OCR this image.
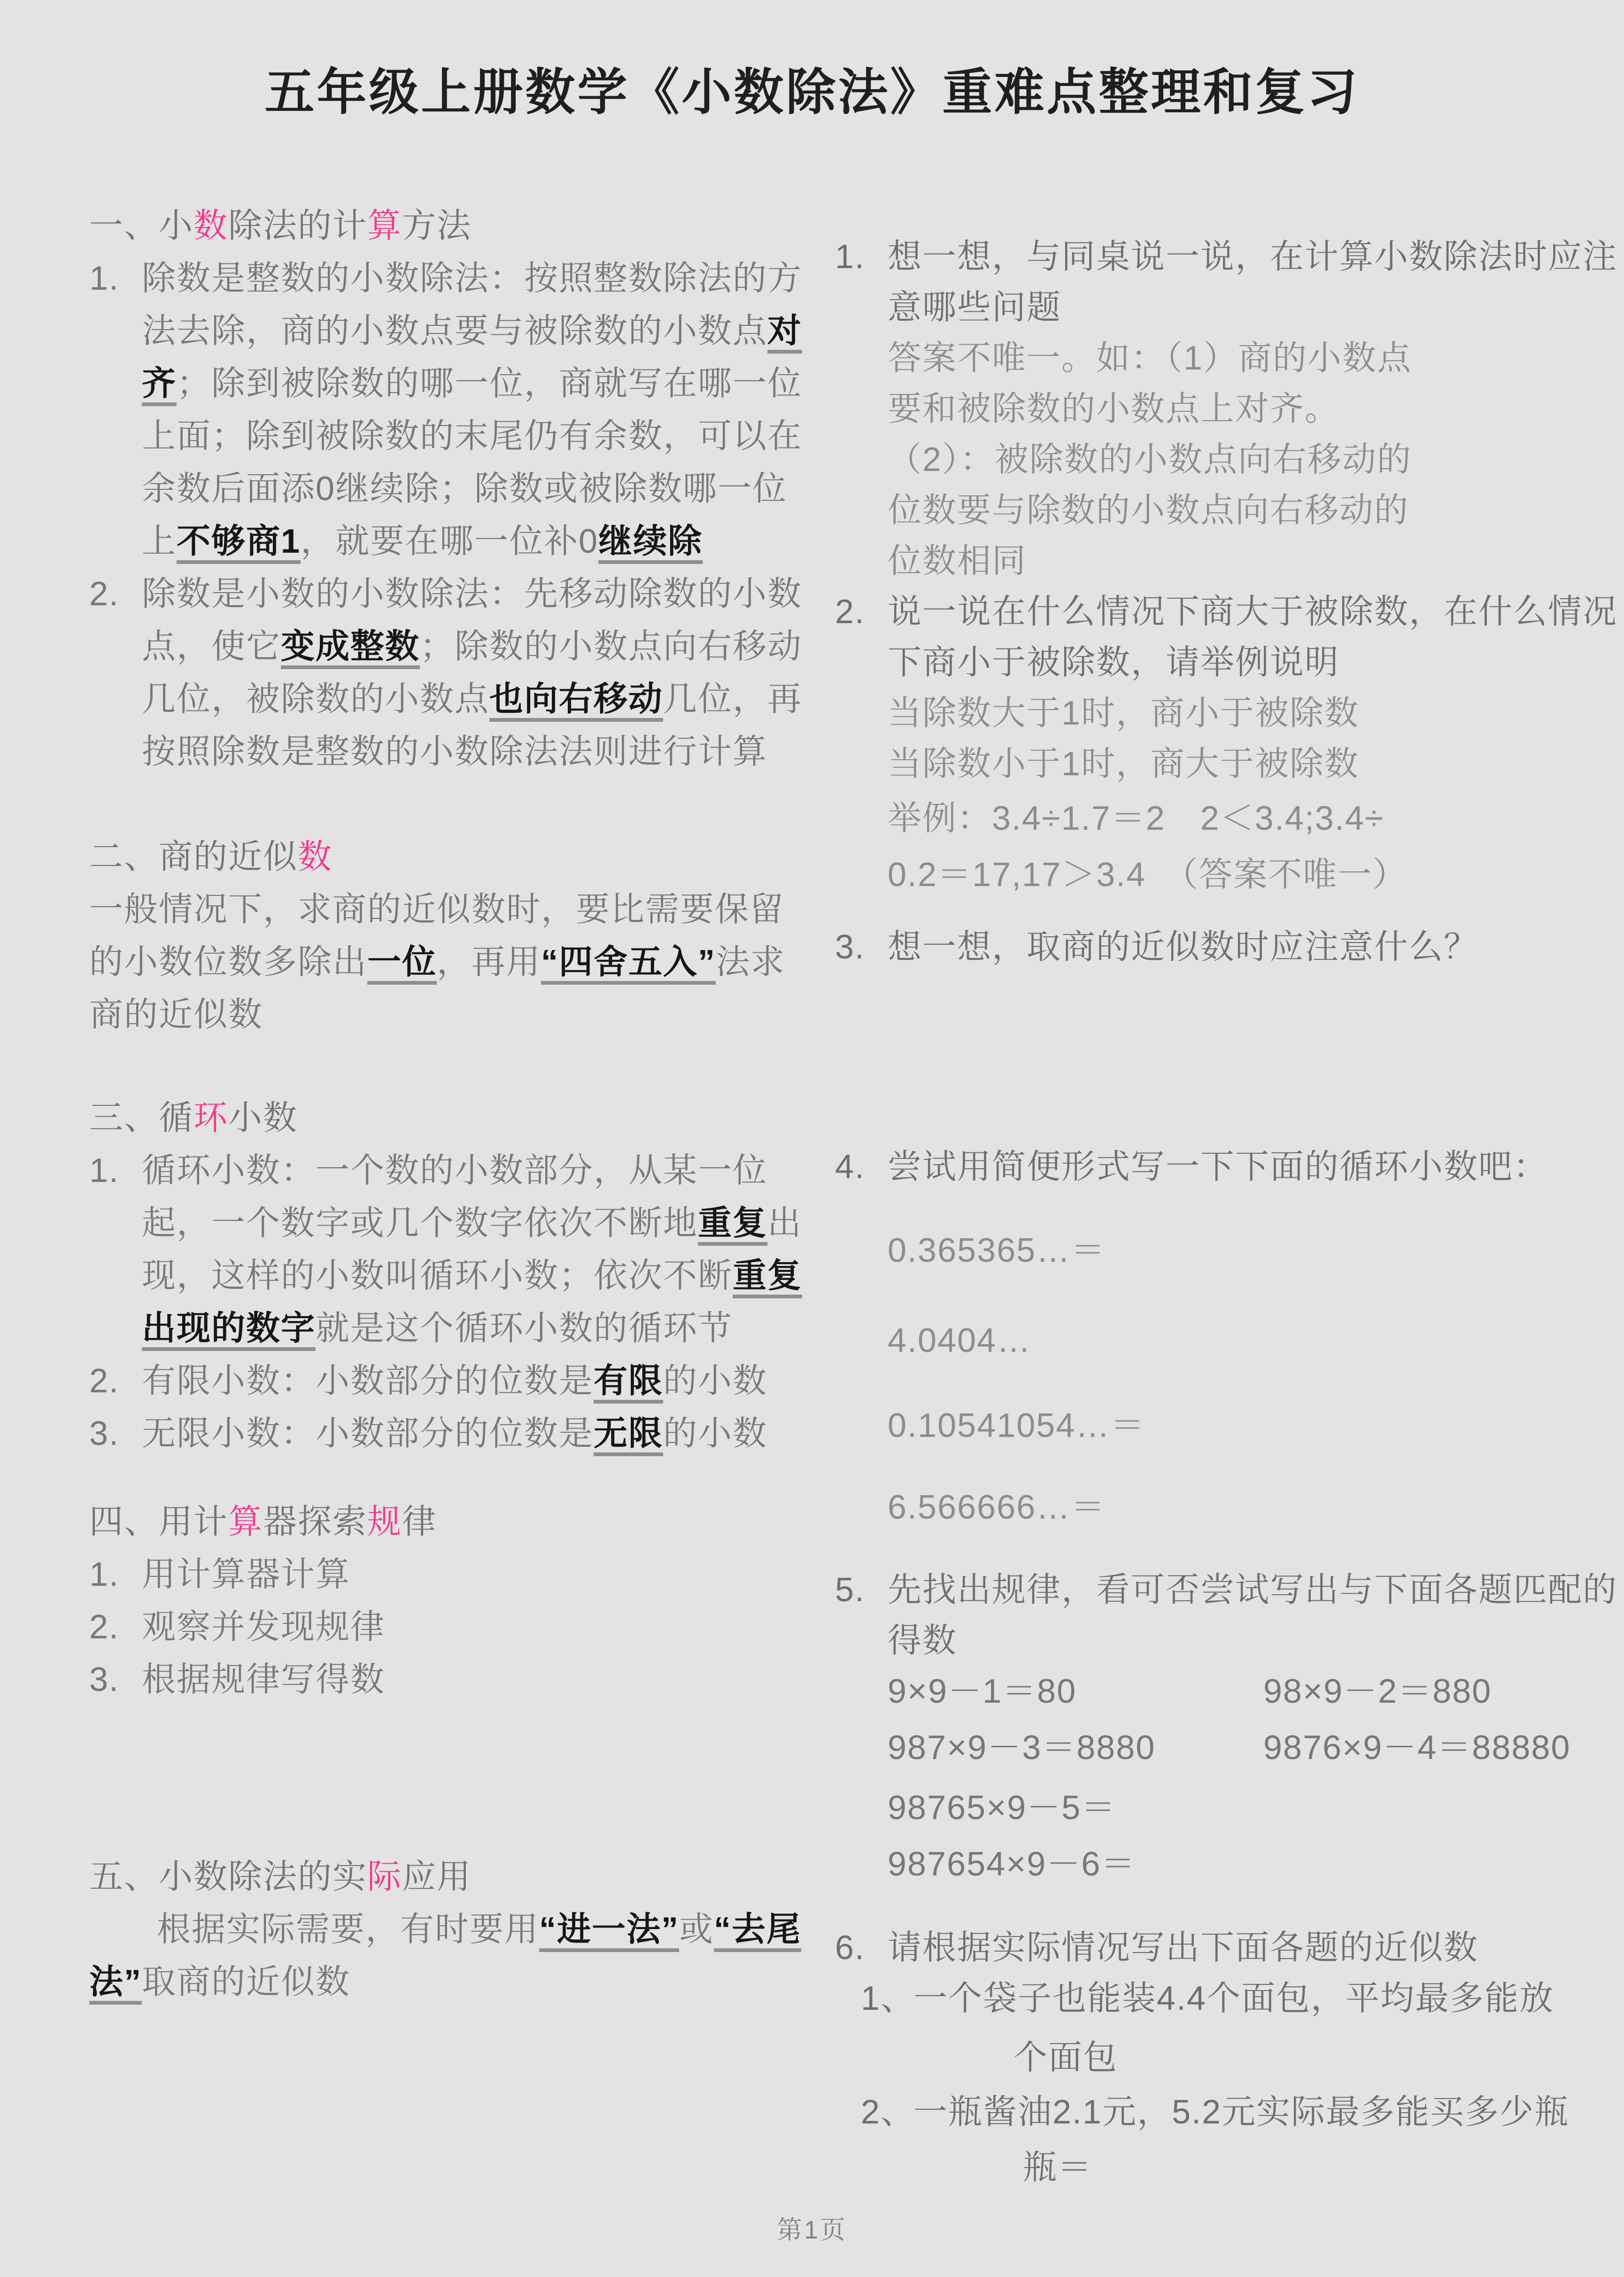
五年级上册数学《小数除法》重难点整理和复习
一、小数除法的计算方法
1. 除数是整数的小数除法：按照整数除法的方法去除，商的小数点要与被除数的小数点对齐；除到被除数的哪一位，商就写在哪一位上面；除到被除数的末尾仍有余数，可以在余数后面添0继续除；除数或被除数哪一位上不够商1，就要在哪一位补0继续除
2. 除数是小数的小数除法：先移动除数的小数点，使它变成整数；除数的小数点向右移动几位，被除数的小数点也向右移动几位，再按照除数是整数的小数除法法则进行计算
二、商的近似数
一般情况下，求商的近似数时，要比需要保留的小数位数多除出一位，再用“四舍五入”法求商的近似数
三、循环小数
1. 循环小数：一个数的小数部分，从某一位起，一个数字或几个数字依次不断地重复出现，这样的小数叫循环小数；依次不断重复出现的数字就是这个循环小数的循环节
2. 有限小数：小数部分的位数是有限的小数
3. 无限小数：小数部分的位数是无限的小数
四、用计算器探索规律
1. 用计算器计算
2. 观察并发现规律
3. 根据规律写得数
五、小数除法的实际应用
根据实际需要，有时要用“进一法”或“去尾法”取商的近似数
1. 想一想，与同桌说一说，在计算小数除法时应注意哪些问题
答案不唯一。如：（1）商的小数点要和被除数的小数点上对齐。（2）：被除数的小数点向右移动的位数要与除数的小数点向右移动的位数相同
2. 说一说在什么情况下商大于被除数，在什么情况下商小于被除数，请举例说明
当除数大于1时，商小于被除数
当除数小于1时，商大于被除数
举例：3.4÷1.7＝2　2＜3.4;3.4÷
0.2＝17,17＞3.4　（答案不唯一）
3. 想一想，取商的近似数时应注意什么？
4. 尝试用简便形式写一下下面的循环小数吧：
0.365365…＝
4.0404…
0.10541054…＝
6.566666…＝
5. 先找出规律，看可否尝试写出与下面各题匹配的得数
9×9－1＝80	98×9－2＝880
987×9－3＝8880	9876×9－4＝88880
98765×9－5＝
987654×9－6＝
6. 请根据实际情况写出下面各题的近似数
1、
一个袋子也能装4.4个面包，平均最多能放
个面包
2、
一瓶酱油2.1元，5.2元实际最多能买多少瓶
瓶＝
第1页
